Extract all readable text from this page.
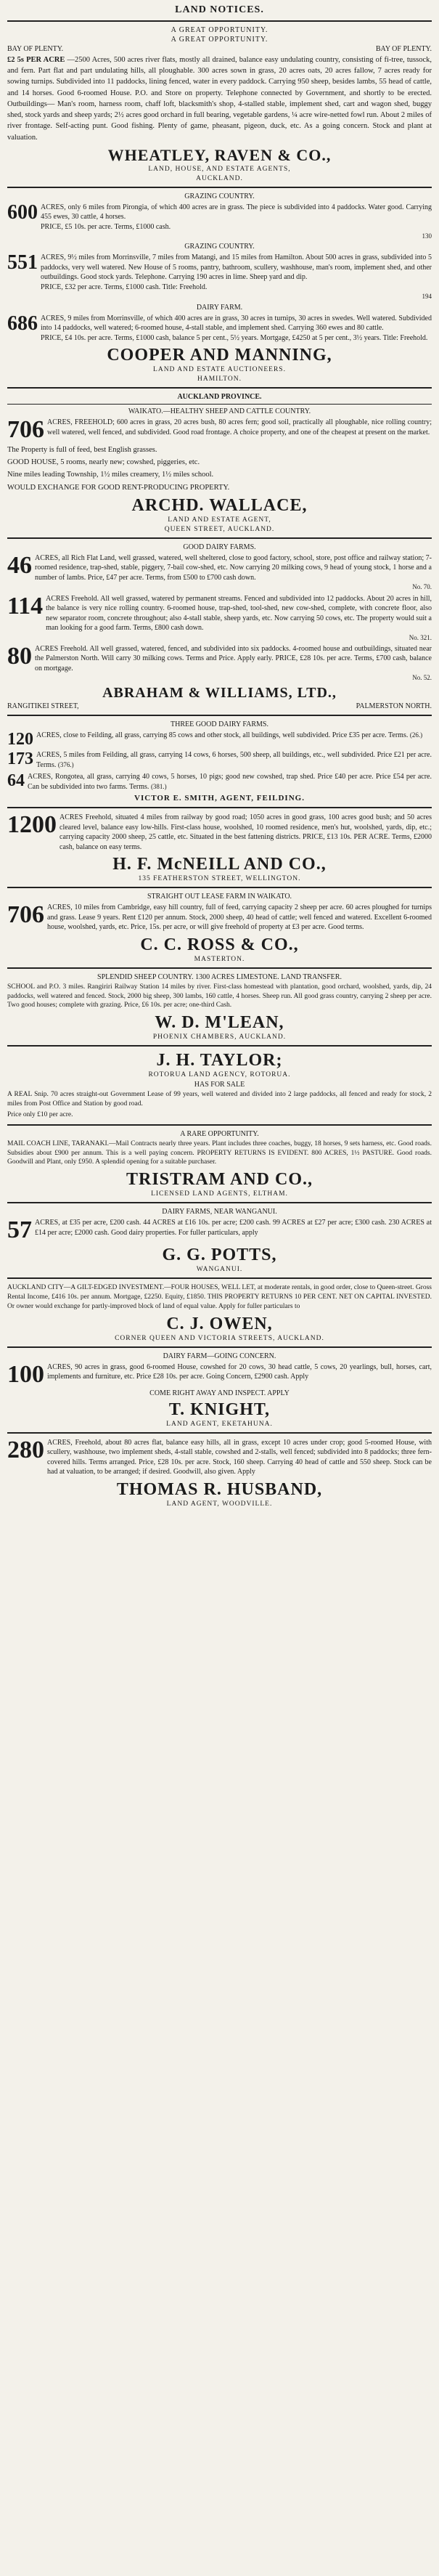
LAND NOTICES.
A GREAT OPPORTUNITY.
A GREAT OPPORTUNITY.
BAY OF PLENTY.	BAY OF PLENTY.
£2 5s PER ACRE —2500 Acres, 500 acres river flats, mostly all drained, balance easy undulating country, consisting of fi-tree, tussock, and fern. Part flat and part undulating hills, all ploughable. 300 acres sown in grass, 20 acres oats, 20 acres fallow, 7 acres ready for sowing turnips. Subdivided into 11 paddocks, lining fenced, water in every paddock. Carrying 950 sheep, besides lambs, 55 head of cattle, and 14 horses. Good 6-roomed House. P.O. and Store on property. Telephone connected by Government, and shortly to be erected. Outbuildings— Man's room, harness room, chaff loft, blacksmith's shop, 4-stalled stable, implement shed, cart and wagon shed, buggy shed, stock yards and sheep yards; 2½ acres good orchard in full bearing, vegetable gardens, ¼ acre wire-netted fowl run. About 2 miles of river frontage. Self-acting punt. Good fishing. Plenty of game, pheasant, pigeon, duck, etc. As a going concern. Stock and plant at valuation.
WHEATLEY, RAVEN & CO.,
LAND, HOUSE, AND ESTATE AGENTS,
AUCKLAND.
GRAZING COUNTRY.
600 ACRES, only 6 miles from Pirongia, of which 400 acres are in grass. The piece is subdivided into 4 paddocks. Water good. Carrying 455 ewes, 30 cattle, 4 horses.
PRICE, £5 10s. per acre. Terms, £1000 cash.
130
GRAZING COUNTRY.
551 ACRES, 9½ miles from Morrinsville, 7 miles from Matangi, and 15 miles from Hamilton. About 500 acres in grass, subdivided into 5 paddocks, very well watered. New House of 5 rooms, pantry, bathroom, scullery, washhouse, man's room, implement shed, and other outbuildings. Good stock yards. Telephone. Carrying 190 acres in lime. Sheep yard and dip.
PRICE, £32 per acre. Terms, £1000 cash. Title: Freehold.
194
DAIRY FARM.
686 ACRES, 9 miles from Morrinsville, of which 400 acres are in grass, 30 acres in turnips, 30 acres in swedes. Well watered. Subdivided into 14 paddocks, well watered; 6-roomed house, 4-stall stable, and implement shed. Carrying 360 ewes and 80 cattle.
PRICE, £4 10s. per acre. Terms, £1000 cash, balance 5 per cent., 5½ years. Mortgage, £4250 at 5 per cent., 3½ years. Title: Freehold.
COOPER AND MANNING,
LAND AND ESTATE AUCTIONEERS.
HAMILTON.
AUCKLAND PROVINCE.
WAIKATO.—HEALTHY SHEEP AND CATTLE COUNTRY.
706 ACRES, FREEHOLD; 600 acres in grass, 20 acres bush, 80 acres fern; good soil, practically all ploughable, nice rolling country; well watered, well fenced, and subdivided. Good road frontage. A choice property, and one of the cheapest at present on the market.
The Property is full of feed, best English grasses.
GOOD HOUSE, 5 rooms, nearly new; cowshed, piggeries, etc.
Nine miles leading Township, 1½ miles creamery, 1½ miles school.
WOULD EXCHANGE FOR GOOD RENT-PRODUCING PROPERTY.
ARCHD. WALLACE,
LAND AND ESTATE AGENT,
QUEEN STREET, AUCKLAND.
GOOD DAIRY FARMS.
46 ACRES, all Rich Flat Land, well grassed, watered, well sheltered, close to good factory, school, store, post office and railway station; 7-roomed residence, trap-shed, stable, piggery, 7-bail cow-shed, etc. Now carrying 20 milking cows, 9 head of young stock, 1 horse and a number of lambs. Price, £47 per acre. Terms, from £500 to £700 cash down.
No. 70.
114 ACRES Freehold. All well grassed, watered by permanent streams. Fenced and subdivided into 12 paddocks. About 20 acres in hill, the balance is very nice rolling country. 6-roomed house, trap-shed, tool-shed, new cow-shed, complete, with concrete floor, also new separator room, concrete throughout; also 4-stall stable, sheep yards, etc. Now carrying 50 cows, etc. The property would suit a man looking for a good farm. Terms, £800 cash down.
No. 321.
80 ACRES Freehold. All well grassed, watered, fenced, and subdivided into six paddocks. 4-roomed house and outbuildings, situated near the Palmerston North. Will carry 30 milking cows. Terms and Price. Apply early. PRICE, £28 10s. per acre. Terms, £700 cash, balance on mortgage.
No. 52.
ABRAHAM & WILLIAMS, LTD.,
RANGITIKEI STREET,	PALMERSTON NORTH.
THREE GOOD DAIRY FARMS.
120 ACRES, close to Feilding, all grass, carrying 85 cows and other stock, all buildings, well subdivided. Price £35 per acre. Terms. (26.)
173 ACRES, 5 miles from Feilding, all grass, carrying 14 cows, 6 horses, 500 sheep, all buildings, etc., well subdivided. Price £21 per acre. Terms. (376.)
64 ACRES, Rongotea, all grass, carrying 40 cows, 5 horses, 10 pigs; good new cowshed, trap shed. Price £40 per acre. Price £54 per acre. Can be subdivided into two farms. Terms. (381.)
VICTOR E. SMITH, AGENT, FEILDING.
1200 ACRES Freehold, situated 4 miles from railway by good road; 1050 acres in good grass, 100 acres good bush; and 50 acres cleared level, balance easy low-hills. First-class house, woolshed, 10 roomed residence, men's hut, woolshed, yards, dip, etc.; carrying capacity 2000 sheep, 25 cattle, etc. Situated in the best fattening districts. PRICE, £13 10s. PER ACRE. Terms, £2000 cash, balance on easy terms.
H. F. McNEILL AND CO.,
135 FEATHERSTON STREET, WELLINGTON.
STRAIGHT OUT LEASE FARM IN WAIKATO.
706 ACRES, 10 miles from Cambridge, easy hill country, full of feed, carrying capacity 2 sheep per acre. 60 acres ploughed for turnips and grass. Lease 9 years. Rent £120 per annum. Stock, 2000 sheep, 40 head of cattle; well fenced and watered. Excellent 6-roomed house, woolshed, yards, etc. Price, 15s. per acre, or will give freehold of property at £3 per acre. Good terms.
C. C. ROSS & CO.,
MASTERTON.
SPLENDID SHEEP COUNTRY. 1300 ACRES LIMESTONE. LAND TRANSFER.
SCHOOL and P.O. 3 miles. Rangiriri Railway Station 14 miles by river. First-class homestead with plantation, good orchard, woolshed, yards, dip, 24 paddocks, well watered and fenced. Stock, 2000 big sheep, 300 lambs, 160 cattle, 4 horses. Sheep run. All good grass country, carrying 2 sheep per acre. Two good houses; complete with grazing. Price, £6 10s. per acre; one-third Cash.
W. D. M'LEAN,
PHOENIX CHAMBERS, AUCKLAND.
J. H. TAYLOR;
ROTORUA LAND AGENCY, ROTORUA.
HAS FOR SALE
A REAL Snip. 70 acres straight-out Government Lease of 99 years, well watered and divided into 2 large paddocks, all fenced and ready for stock, 2 miles from Post Office and Station by good road.
Price only £10 per acre.
A RARE OPPORTUNITY.
MAIL COACH LINE, TARANAKI.—Mail Contracts nearly three years. Plant includes three coaches, buggy, 18 horses, 9 sets harness, etc. Good roads. Subsidies about £900 per annum. This is a well paying concern. PROPERTY RETURNS IS EVIDENT. 800 ACRES, 1½ PASTURE. Good roads. Goodwill and Plant, only £950. A splendid opening for a suitable purchaser.
TRISTRAM AND CO.,
LICENSED LAND AGENTS, ELTHAM.
DAIRY FARMS, NEAR WANGANUI.
57 ACRES, at £35 per acre, £200 cash. 44 ACRES at £16 10s. per acre; £200 cash. 99 ACRES at £27 per acre; £300 cash. 230 ACRES at £14 per acre; £2000 cash. Good dairy properties. For fuller particulars, apply
G. G. POTTS,
WANGANUI.
AUCKLAND CITY—A GILT-EDGED INVESTMENT.—FOUR HOUSES, WELL LET, at moderate rentals, in good order, close to Queen-street. Gross Rental Income, £416 10s. per annum. Mortgage, £2250. Equity, £1850. THIS PROPERTY RETURNS 10 PER CENT. NET ON CAPITAL INVESTED. Or owner would exchange for partly-improved block of land of equal value. Apply for fuller particulars to
C. J. OWEN,
CORNER QUEEN AND VICTORIA STREETS, AUCKLAND.
DAIRY FARM—GOING CONCERN.
100 ACRES, 90 acres in grass, good 6-roomed House, cowshed for 20 cows, 30 head cattle, 5 cows, 20 yearlings, bull, horses, cart, implements and furniture, etc. Price £28 10s. per acre. Going Concern, £2900 cash. Apply
COME RIGHT AWAY AND INSPECT. APPLY
T. KNIGHT,
LAND AGENT, EKETAHUNA.
280 ACRES, Freehold, about 80 acres flat, balance easy hills, all in grass, except 10 acres under crop; good 5-roomed House, with scullery, washhouse, two implement sheds, 4-stall stable, cowshed and 2-stalls, well fenced; subdivided into 8 paddocks; three fern-covered hills. Terms arranged. Price, £28 10s. per acre. Stock, 160 sheep. Carrying 40 head of cattle and 550 sheep. Stock can be had at valuation, to be arranged; if desired. Goodwill, also given. Apply
THOMAS R. HUSBAND,
LAND AGENT, WOODVILLE.
